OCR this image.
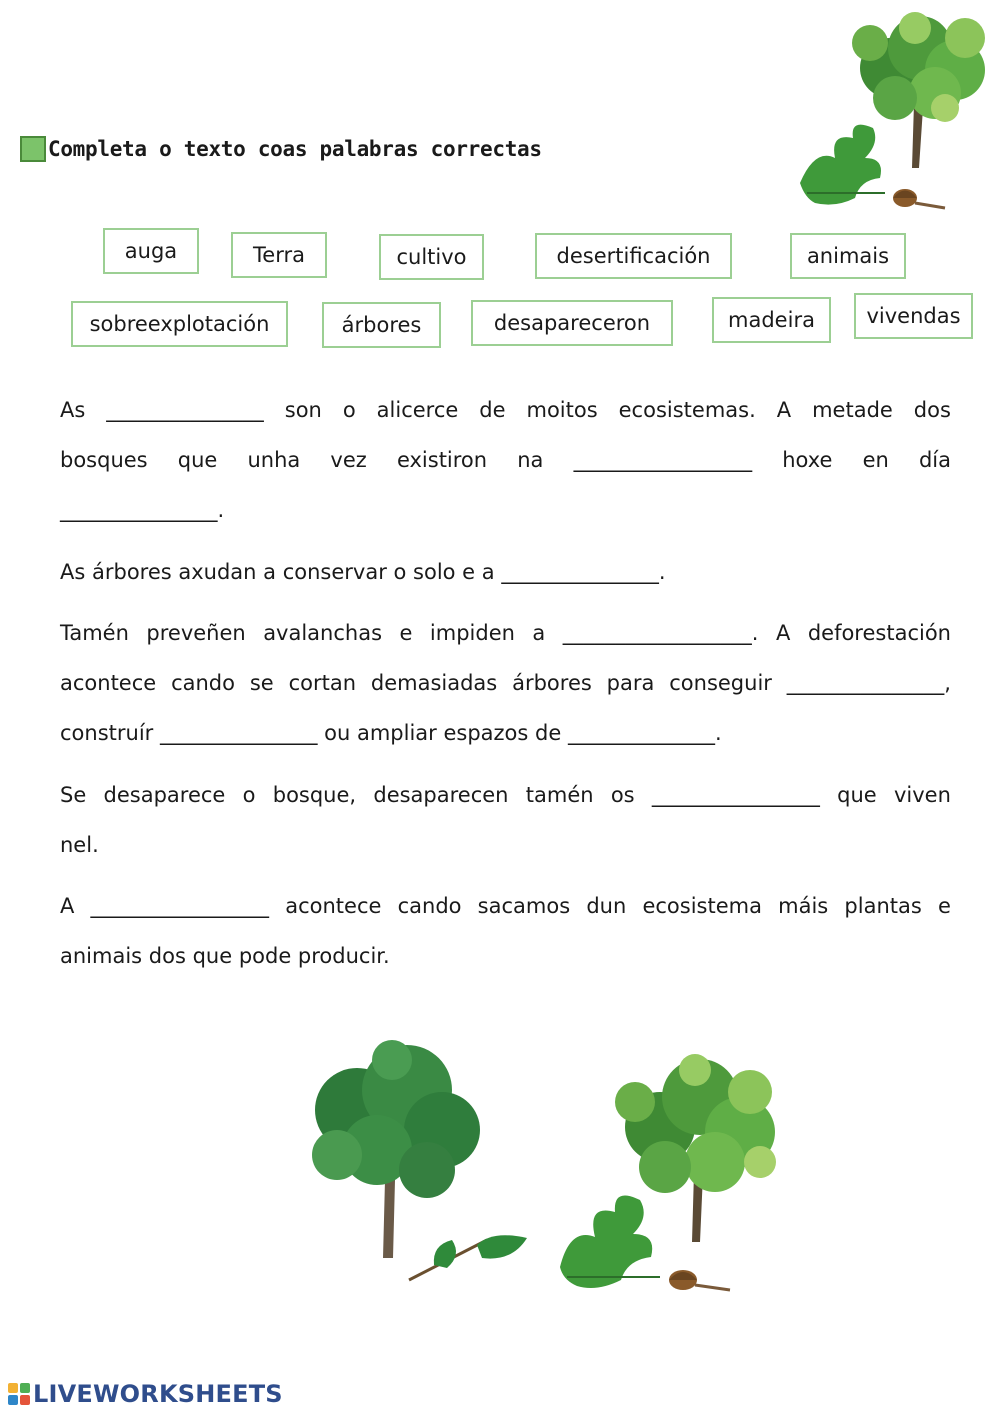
Completa o texto coas palabras correctas
auga	Terra	cultivo	desertificación	animais
sobreexplotación	árbores	desapareceron	madeira	vivendas
As _______________ son o alicerce de moitos ecosistemas. A metade dos
bosques que unha vez existiron na _________________ hoxe en día
_______________.
As árbores axudan a conservar o solo e a _______________.
Tamén preveñen avalanchas e impiden a __________________. A deforestación
acontece cando se cortan demasiadas árbores para conseguir _______________,
construír _______________ ou ampliar espazos de ______________.
Se desaparece o bosque, desaparecen tamén os ________________ que viven
nel.
A _________________ acontece cando sacamos dun ecosistema máis plantas e
animais dos que pode producir.
LIVEWORKSHEETS
